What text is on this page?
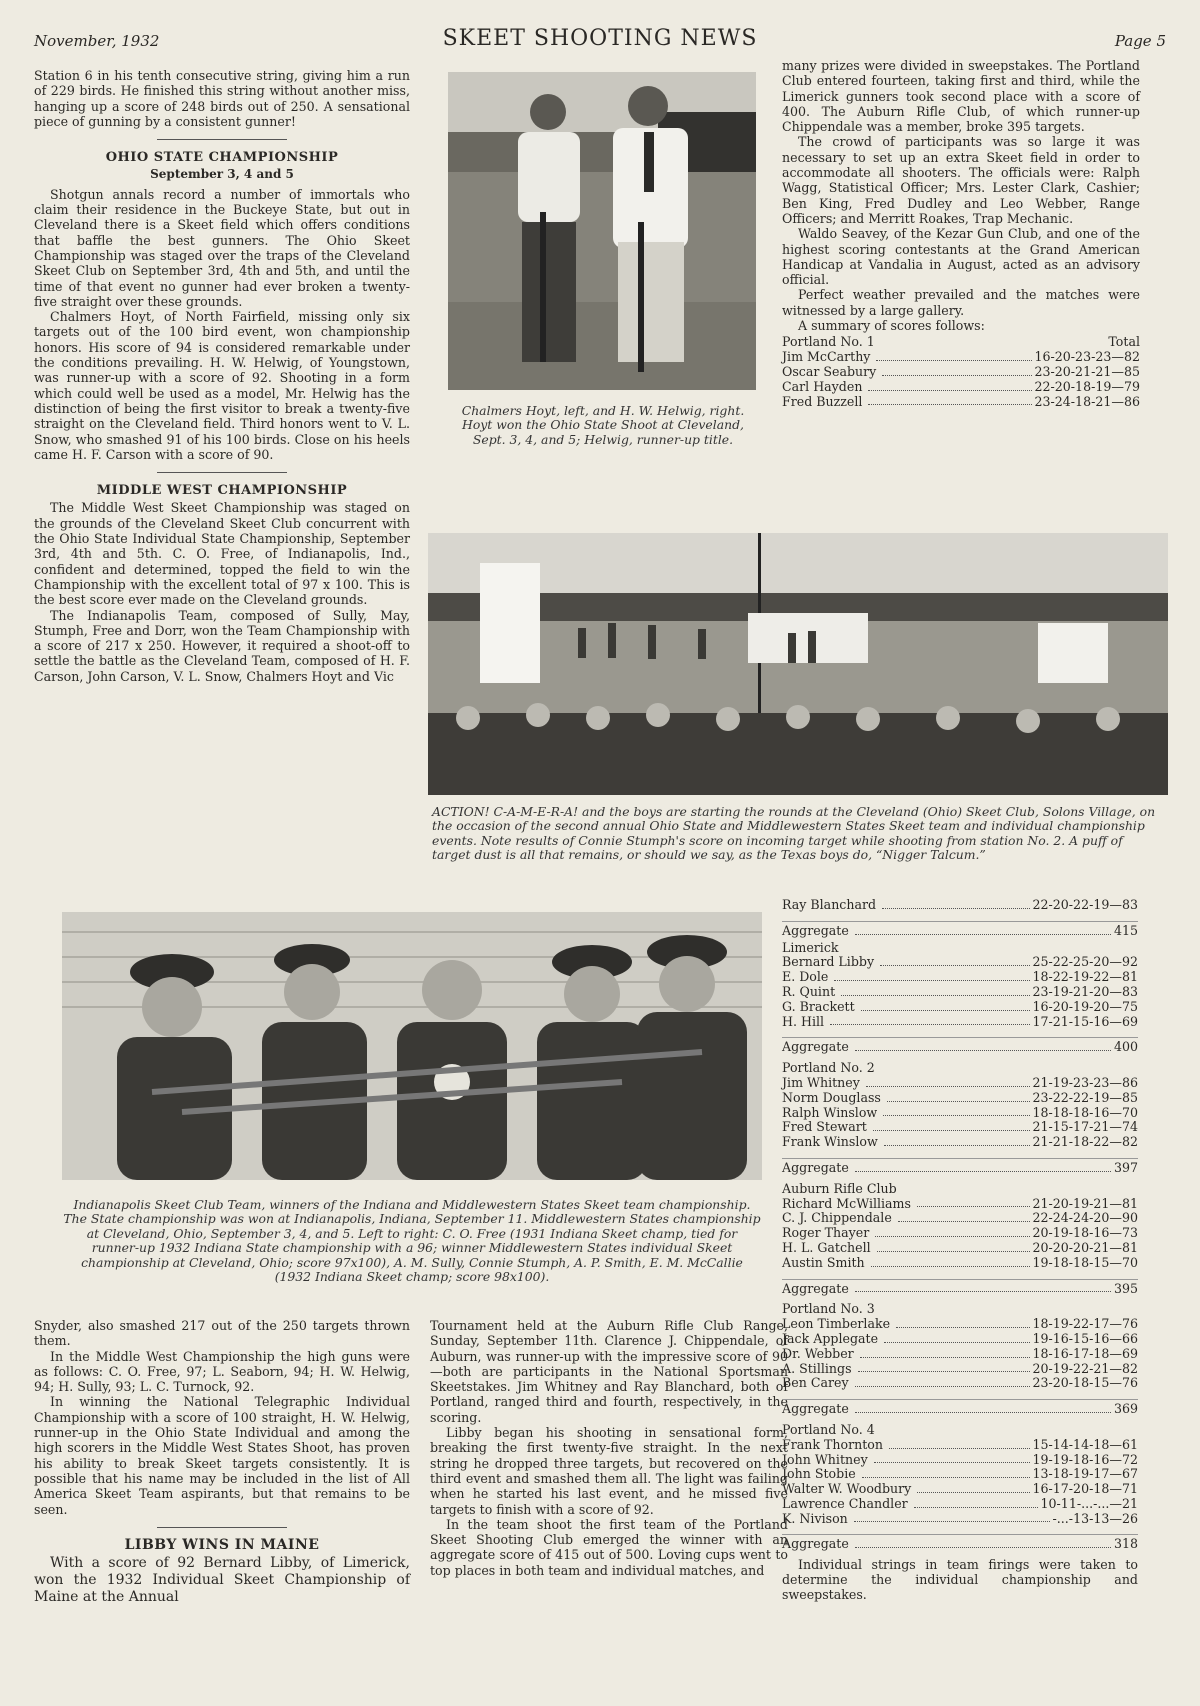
November, 1932	SKEET SHOOTING NEWS	Page 5

Station 6 in his tenth consecutive string, giving him a run of 229 birds. He finished this string without another miss, hanging up a score of 248 birds out of 250. A sensational piece of gunning by a consistent gunner!

OHIO STATE CHAMPIONSHIP
September 3, 4 and 5

Shotgun annals record a number of immortals who claim their residence in the Buckeye State, but out in Cleveland there is a Skeet field which offers conditions that baffle the best gunners. The Ohio Skeet Championship was staged over the traps of the Cleveland Skeet Club on September 3rd, 4th and 5th, and until the time of that event no gunner had ever broken a twenty-five straight over these grounds.

Chalmers Hoyt, of North Fairfield, missing only six targets out of the 100 bird event, won championship honors. His score of 94 is considered remarkable under the conditions prevailing. H. W. Helwig, of Youngstown, was runner-up with a score of 92. Shooting in a form which could well be used as a model, Mr. Helwig has the distinction of being the first visitor to break a twenty-five straight on the Cleveland field. Third honors went to V. L. Snow, who smashed 91 of his 100 birds. Close on his heels came H. F. Carson with a score of 90.

MIDDLE WEST CHAMPIONSHIP

The Middle West Skeet Championship was staged on the grounds of the Cleveland Skeet Club concurrent with the Ohio State Individual State Championship, September 3rd, 4th and 5th. C. O. Free, of Indianapolis, Ind., confident and determined, topped the field to win the Championship with the excellent total of 97 x 100. This is the best score ever made on the Cleveland grounds.

The Indianapolis Team, composed of Sully, May, Stumph, Free and Dorr, won the Team Championship with a score of 217 x 250. However, it required a shoot-off to settle the battle as the Cleveland Team, composed of H. F. Carson, John Carson, V. L. Snow, Chalmers Hoyt and Vic

Chalmers Hoyt, left, and H. W. Helwig, right. Hoyt won the Ohio State Shoot at Cleveland, Sept. 3, 4, and 5; Helwig, runner-up title.

many prizes were divided in sweepstakes. The Portland Club entered fourteen, taking first and third, while the Limerick gunners took second place with a score of 400. The Auburn Rifle Club, of which runner-up Chippendale was a member, broke 395 targets.

The crowd of participants was so large it was necessary to set up an extra Skeet field in order to accommodate all shooters. The officials were: Ralph Wagg, Statistical Officer; Mrs. Lester Clark, Cashier; Ben King, Fred Dudley and Leo Webber, Range Officers; and Merritt Roakes, Trap Mechanic.

Waldo Seavey, of the Kezar Gun Club, and one of the highest scoring contestants at the Grand American Handicap at Vandalia in August, acted as an advisory official.

Perfect weather prevailed and the matches were witnessed by a large gallery.

A summary of scores follows:

Portland No. 1	Total
Jim McCarthy	16-20-23-23—82
Oscar Seabury	23-20-21-21—85
Carl Hayden	22-20-18-19—79
Fred Buzzell	23-24-18-21—86
ACTION! C-A-M-E-R-A! and the boys are starting the rounds at the Cleveland (Ohio) Skeet Club, Solons Village, on the occasion of the second annual Ohio State and Middlewestern States Skeet team and individual championship events. Note results of Connie Stumph's score on incoming target while shooting from station No. 2. A puff of target dust is all that remains, or should we say, as the Texas boys do, “Nigger Talcum.”
Indianapolis Skeet Club Team, winners of the Indiana and Middlewestern States Skeet team championship. The State championship was won at Indianapolis, Indiana, September 11. Middlewestern States championship at Cleveland, Ohio, September 3, 4, and 5. Left to right: C. O. Free (1931 Indiana Skeet champ, tied for runner-up 1932 Indiana State championship with a 96; winner Middlewestern States individual Skeet championship at Cleveland, Ohio; score 97x100), A. M. Sully, Connie Stumph, A. P. Smith, E. M. McCallie (1932 Indiana Skeet champ; score 98x100).

Snyder, also smashed 217 out of the 250 targets thrown them.

In the Middle West Championship the high guns were as follows: C. O. Free, 97; L. Seaborn, 94; H. W. Helwig, 94; H. Sully, 93; L. C. Turnock, 92.

In winning the National Telegraphic Individual Championship with a score of 100 straight, H. W. Helwig, runner-up in the Ohio State Individual and among the high scorers in the Middle West States Shoot, has proven his ability to break Skeet targets consistently. It is possible that his name may be included in the list of All America Skeet Team aspirants, but that remains to be seen.

LIBBY WINS IN MAINE

With a score of 92 Bernard Libby, of Limerick, won the 1932 Individual Skeet Championship of Maine at the Annual

Tournament held at the Auburn Rifle Club Range, Sunday, September 11th. Clarence J. Chippendale, of Auburn, was runner-up with the impressive score of 90—both are participants in the National Sportsman Skeetstakes. Jim Whitney and Ray Blanchard, both of Portland, ranged third and fourth, respectively, in the scoring.

Libby began his shooting in sensational form, breaking the first twenty-five straight. In the next string he dropped three targets, but recovered on the third event and smashed them all. The light was failing when he started his last event, and he missed five targets to finish with a score of 92.

In the team shoot the first team of the Portland Skeet Shooting Club emerged the winner with an aggregate score of 415 out of 500. Loving cups went to top places in both team and individual matches, and

Ray Blanchard	22-20-22-19—83
Aggregate	415
Limerick
Bernard Libby	25-22-25-20—92
E. Dole	18-22-19-22—81
R. Quint	23-19-21-20—83
G. Brackett	16-20-19-20—75
H. Hill	17-21-15-16—69
Aggregate	400
Portland No. 2
Jim Whitney	21-19-23-23—86
Norm Douglass	23-22-22-19—85
Ralph Winslow	18-18-18-16—70
Fred Stewart	21-15-17-21—74
Frank Winslow	21-21-18-22—82
Aggregate	397
Auburn Rifle Club
Richard McWilliams	21-20-19-21—81
C. J. Chippendale	22-24-24-20—90
Roger Thayer	20-19-18-16—73
H. L. Gatchell	20-20-20-21—81
Austin Smith	19-18-18-15—70
Aggregate	395
Portland No. 3
Leon Timberlake	18-19-22-17—76
Jack Applegate	19-16-15-16—66
Dr. Webber	18-16-17-18—69
A. Stillings	20-19-22-21—82
Ben Carey	23-20-18-15—76
Aggregate	369
Portland No. 4
Frank Thornton	15-14-14-18—61
John Whitney	19-19-18-16—72
John Stobie	13-18-19-17—67
Walter W. Woodbury	16-17-20-18—71
Lawrence Chandler	10-11-...-...—21
K. Nivison	-...-13-13—26
Aggregate	318

Individual strings in team firings were taken to determine the individual championship and sweepstakes.
